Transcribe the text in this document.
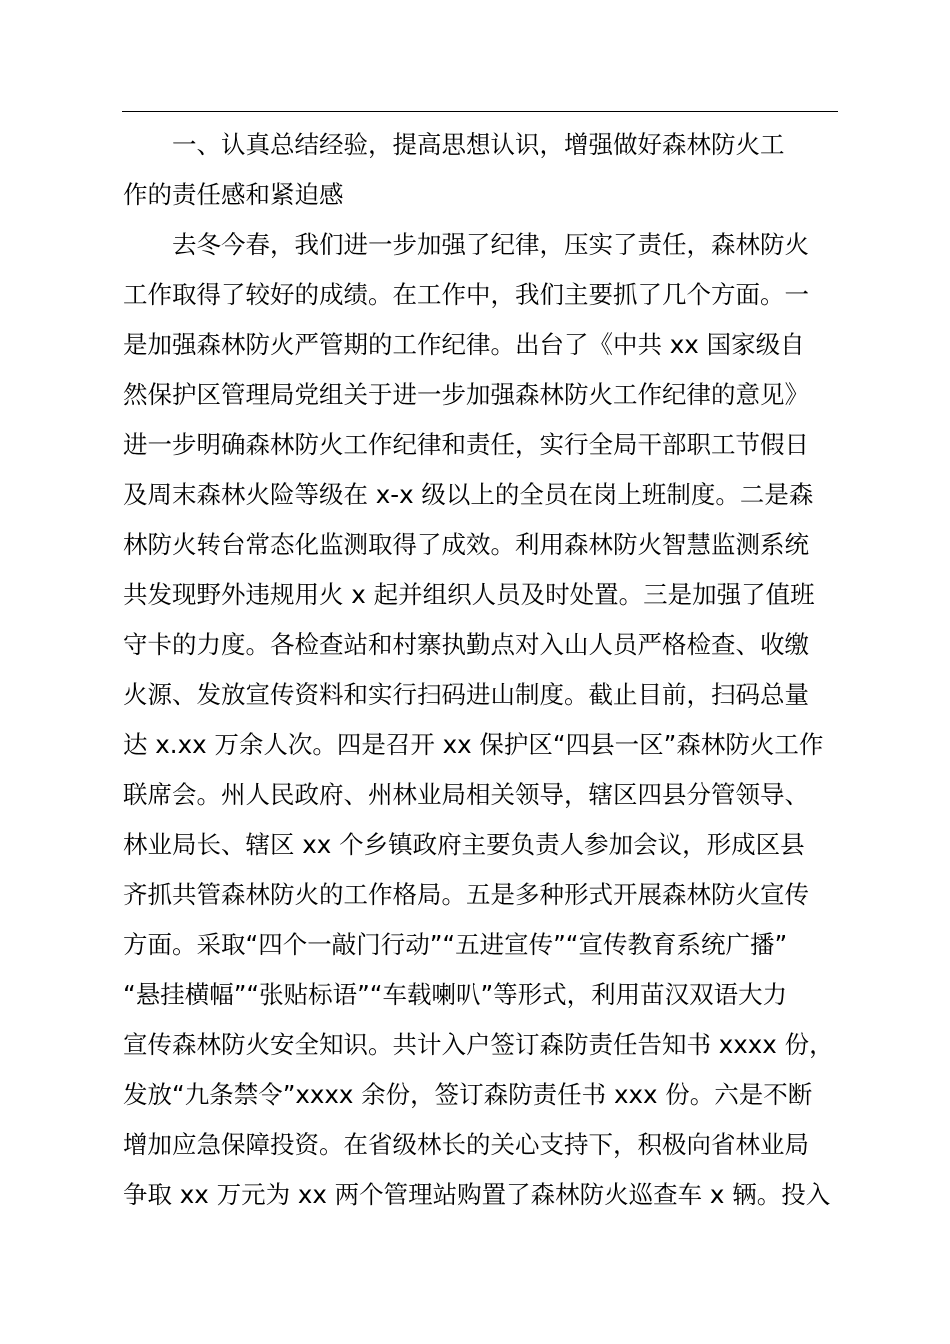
　　一、认真总结经验，提高思想认识，增强做好森林防火工
作的责任感和紧迫感
　　去冬今春，我们进一步加强了纪律，压实了责任，森林防火
工作取得了较好的成绩。在工作中，我们主要抓了几个方面。一
是加强森林防火严管期的工作纪律。出台了《中共 xx 国家级自
然保护区管理局党组关于进一步加强森林防火工作纪律的意见》
进一步明确森林防火工作纪律和责任，实行全局干部职工节假日
及周末森林火险等级在 x-x 级以上的全员在岗上班制度。二是森
林防火转台常态化监测取得了成效。利用森林防火智慧监测系统
共发现野外违规用火 x 起并组织人员及时处置。三是加强了值班
守卡的力度。各检查站和村寨执勤点对入山人员严格检查、收缴
火源、发放宣传资料和实行扫码进山制度。截止目前，扫码总量
达 x.xx 万余人次。四是召开 xx 保护区“四县一区”森林防火工作
联席会。州人民政府、州林业局相关领导，辖区四县分管领导、
林业局长、辖区 xx 个乡镇政府主要负责人参加会议，形成区县
齐抓共管森林防火的工作格局。五是多种形式开展森林防火宣传
方面。采取“四个一敲门行动”“五进宣传”“宣传教育系统广播”
“悬挂横幅”“张贴标语”“车载喇叭”等形式，利用苗汉双语大力
宣传森林防火安全知识。共计入户签订森防责任告知书 xxxx 份，
发放“九条禁令”xxxx 余份，签订森防责任书 xxx 份。六是不断
增加应急保障投资。在省级林长的关心支持下，积极向省林业局
争取 xx 万元为 xx 两个管理站购置了森林防火巡查车 x 辆。投入
